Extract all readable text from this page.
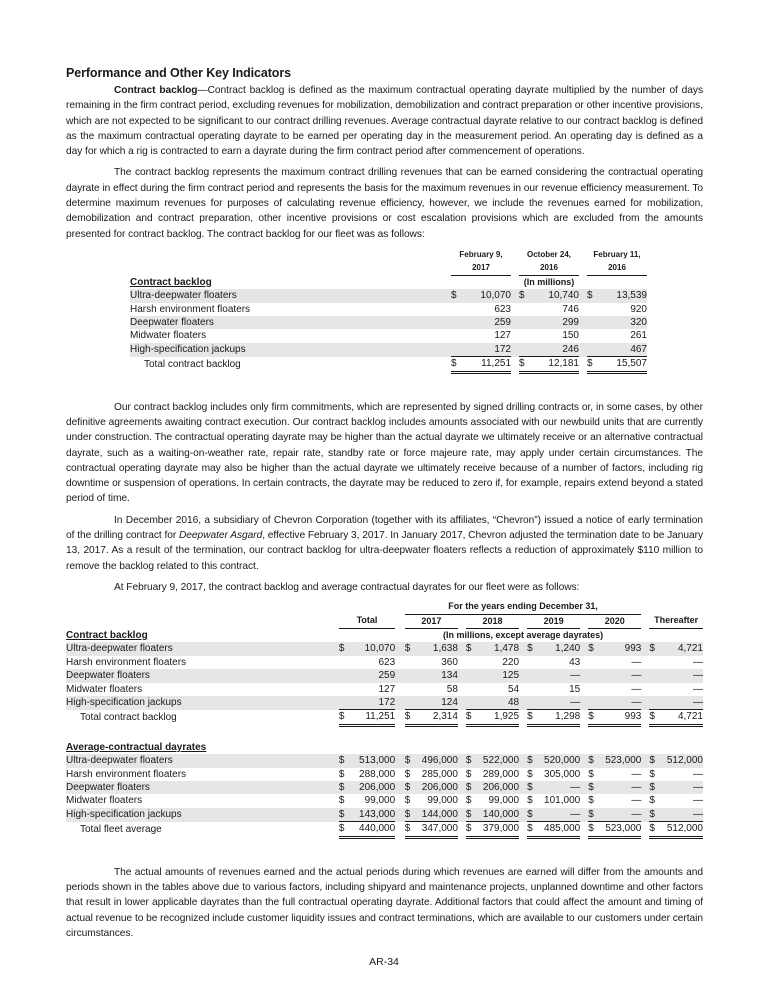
Performance and Other Key Indicators

Contract backlog—Contract backlog is defined as the maximum contractual operating dayrate multiplied by the number of days remaining in the firm contract period, excluding revenues for mobilization, demobilization and contract preparation or other incentive provisions, which are not expected to be significant to our contract drilling revenues. Average contractual dayrate relative to our contract backlog is defined as the maximum contractual operating dayrate to be earned per operating day in the measurement period. An operating day is defined as a day for which a rig is contracted to earn a dayrate during the firm contract period after commencement of operations.

The contract backlog represents the maximum contract drilling revenues that can be earned considering the contractual operating dayrate in effect during the firm contract period and represents the basis for the maximum revenues in our revenue efficiency measurement. To determine maximum revenues for purposes of calculating revenue efficiency, however, we include the revenues earned for mobilization, demobilization and contract preparation, other incentive provisions or cost escalation provisions which are excluded from the amounts presented for contract backlog. The contract backlog for our fleet was as follows:

		February 9,
2017			October 24,
2016			February 11,
2016	
Contract backlog					(In millions)				
Ultra-deepwater floaters		$	10,070		$	10,740		$	13,539
Harsh environment floaters			623			746			920
Deepwater floaters			259			299			320
Midwater floaters			127			150			261
High-specification jackups			172			246			467
Total contract backlog		$	11,251		$	12,181		$	15,507

Our contract backlog includes only firm commitments, which are represented by signed drilling contracts or, in some cases, by other definitive agreements awaiting contract execution. Our contract backlog includes amounts associated with our newbuild units that are currently under construction. The contractual operating dayrate may be higher than the actual dayrate we ultimately receive or an alternative contractual dayrate, such as a waiting-on-weather rate, repair rate, standby rate or force majeure rate, may apply under certain circumstances. The contractual operating dayrate may also be higher than the actual dayrate we ultimately receive because of a number of factors, including rig downtime or suspension of operations. In certain contracts, the dayrate may be reduced to zero if, for example, repairs extend beyond a stated period of time.

In December 2016, a subsidiary of Chevron Corporation (together with its affiliates, “Chevron”) issued a notice of early termination of the drilling contract for Deepwater Asgard, effective February 3, 2017. In January 2017, Chevron adjusted the termination date to be January 13, 2017. As a result of the termination, our contract backlog for ultra-deepwater floaters reflects a reduction of approximately $110 million to remove the backlog related to this contract.

At February 9, 2017, the contract backlog and average contractual dayrates for our fleet were as follows:

				For the years ending December 31,													
	Total			2017			2018			2019			2020			Thereafter	
Contract backlog				(In millions, except average dayrates)													
Ultra-deepwater floaters	$	10,070		$	1,638		$	1,478		$	1,240		$	993		$	4,721
Harsh environment floaters		623			360			220			43			—			—
Deepwater floaters		259			134			125			—			—			—
Midwater floaters		127			58			54			15			—			—
High-specification jackups		172			124			48			—			—			—
Total contract backlog	$	11,251		$	2,314		$	1,925		$	1,298		$	993		$	4,721

Average-contractual dayrates																	
Ultra-deepwater floaters	$	513,000		$	496,000		$	522,000		$	520,000		$	523,000		$	512,000
Harsh environment floaters	$	288,000		$	285,000		$	289,000		$	305,000		$	—		$	—
Deepwater floaters	$	206,000		$	206,000		$	206,000		$	—		$	—		$	—
Midwater floaters	$	99,000		$	99,000		$	99,000		$	101,000		$	—		$	—
High-specification jackups	$	143,000		$	144,000		$	140,000		$	—		$	—		$	—
Total fleet average	$	440,000		$	347,000		$	379,000		$	485,000		$	523,000		$	512,000

The actual amounts of revenues earned and the actual periods during which revenues are earned will differ from the amounts and periods shown in the tables above due to various factors, including shipyard and maintenance projects, unplanned downtime and other factors that result in lower applicable dayrates than the full contractual operating dayrate. Additional factors that could affect the amount and timing of actual revenue to be recognized include customer liquidity issues and contract terminations, which are available to our customers under certain circumstances.

AR-34
